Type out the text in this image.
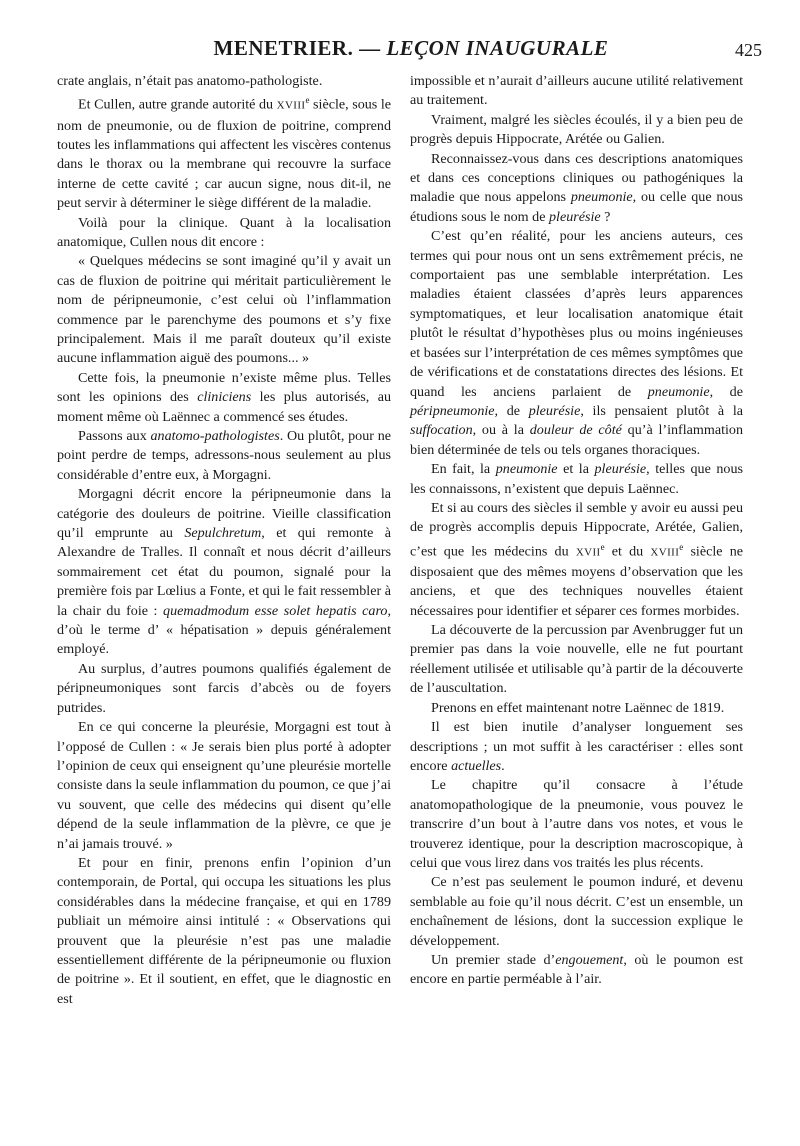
MENETRIER. — LEÇON INAUGURALE	425

crate anglais, n’était pas anatomo-pathologiste.

Et Cullen, autre grande autorité du XVIIIe siècle, sous le nom de pneumonie, ou de fluxion de poitrine, comprend toutes les inflammations qui affectent les viscères contenus dans le thorax ou la membrane qui recouvre la surface interne de cette cavité ; car aucun signe, nous dit-il, ne peut servir à déterminer le siège différent de la maladie.

Voilà pour la clinique. Quant à la localisation anatomique, Cullen nous dit encore :

« Quelques médecins se sont imaginé qu’il y avait un cas de fluxion de poitrine qui méritait particulièrement le nom de péripneumonie, c’est celui où l’inflammation commence par le parenchyme des poumons et s’y fixe principalement. Mais il me paraît douteux qu’il existe aucune inflammation aiguë des poumons... »

Cette fois, la pneumonie n’existe même plus. Telles sont les opinions des cliniciens les plus autorisés, au moment même où Laënnec a commencé ses études.

Passons aux anatomo-pathologistes. Ou plutôt, pour ne point perdre de temps, adressons-nous seulement au plus considérable d’entre eux, à Morgagni.

Morgagni décrit encore la péripneumonie dans la catégorie des douleurs de poitrine. Vieille classification qu’il emprunte au Sepulchretum, et qui remonte à Alexandre de Tralles. Il connaît et nous décrit d’ailleurs sommairement cet état du poumon, signalé pour la première fois par Lœlius a Fonte, et qui le fait ressembler à la chair du foie : quemadmodum esse solet hepatis caro, d’où le terme d’ « hépatisation » depuis généralement employé.

Au surplus, d’autres poumons qualifiés également de péripneumoniques sont farcis d’abcès ou de foyers putrides.

En ce qui concerne la pleurésie, Morgagni est tout à l’opposé de Cullen : « Je serais bien plus porté à adopter l’opinion de ceux qui enseignent qu’une pleurésie mortelle consiste dans la seule inflammation du poumon, ce que j’ai vu souvent, que celle des médecins qui disent qu’elle dépend de la seule inflammation de la plèvre, ce que je n’ai jamais trouvé. »

Et pour en finir, prenons enfin l’opinion d’un contemporain, de Portal, qui occupa les situations les plus considérables dans la médecine française, et qui en 1789 publiait un mémoire ainsi intitulé : « Observations qui prouvent que la pleurésie n’est pas une maladie essentiellement différente de la péripneumonie ou fluxion de poitrine ». Et il soutient, en effet, que le diagnostic en est

impossible et n’aurait d’ailleurs aucune utilité relativement au traitement.

Vraiment, malgré les siècles écoulés, il y a bien peu de progrès depuis Hippocrate, Arétée ou Galien.

Reconnaissez-vous dans ces descriptions anatomiques et dans ces conceptions cliniques ou pathogéniques la maladie que nous appelons pneumonie, ou celle que nous étudions sous le nom de pleurésie ?

C’est qu’en réalité, pour les anciens auteurs, ces termes qui pour nous ont un sens extrêmement précis, ne comportaient pas une semblable interprétation. Les maladies étaient classées d’après leurs apparences symptomatiques, et leur localisation anatomique était plutôt le résultat d’hypothèses plus ou moins ingénieuses et basées sur l’interprétation de ces mêmes symptômes que de vérifications et de constatations directes des lésions. Et quand les anciens parlaient de pneumonie, de péripneumonie, de pleurésie, ils pensaient plutôt à la suffocation, ou à la douleur de côté qu’à l’inflammation bien déterminée de tels ou tels organes thoraciques.

En fait, la pneumonie et la pleurésie, telles que nous les connaissons, n’existent que depuis Laënnec.

Et si au cours des siècles il semble y avoir eu aussi peu de progrès accomplis depuis Hippocrate, Arétée, Galien, c’est que les médecins du XVIIe et du XVIIIe siècle ne disposaient que des mêmes moyens d’observation que les anciens, et que des techniques nouvelles étaient nécessaires pour identifier et séparer ces formes morbides.

La découverte de la percussion par Avenbrugger fut un premier pas dans la voie nouvelle, elle ne fut pourtant réellement utilisée et utilisable qu’à partir de la découverte de l’auscultation.

Prenons en effet maintenant notre Laënnec de 1819.

Il est bien inutile d’analyser longuement ses descriptions ; un mot suffit à les caractériser : elles sont encore actuelles.

Le chapitre qu’il consacre à l’étude anatomopathologique de la pneumonie, vous pouvez le transcrire d’un bout à l’autre dans vos notes, et vous le trouverez identique, pour la description macroscopique, à celui que vous lirez dans vos traités les plus récents.

Ce n’est pas seulement le poumon induré, et devenu semblable au foie qu’il nous décrit. C’est un ensemble, un enchaînement de lésions, dont la succession explique le développement.

Un premier stade d’engouement, où le poumon est encore en partie perméable à l’air.
